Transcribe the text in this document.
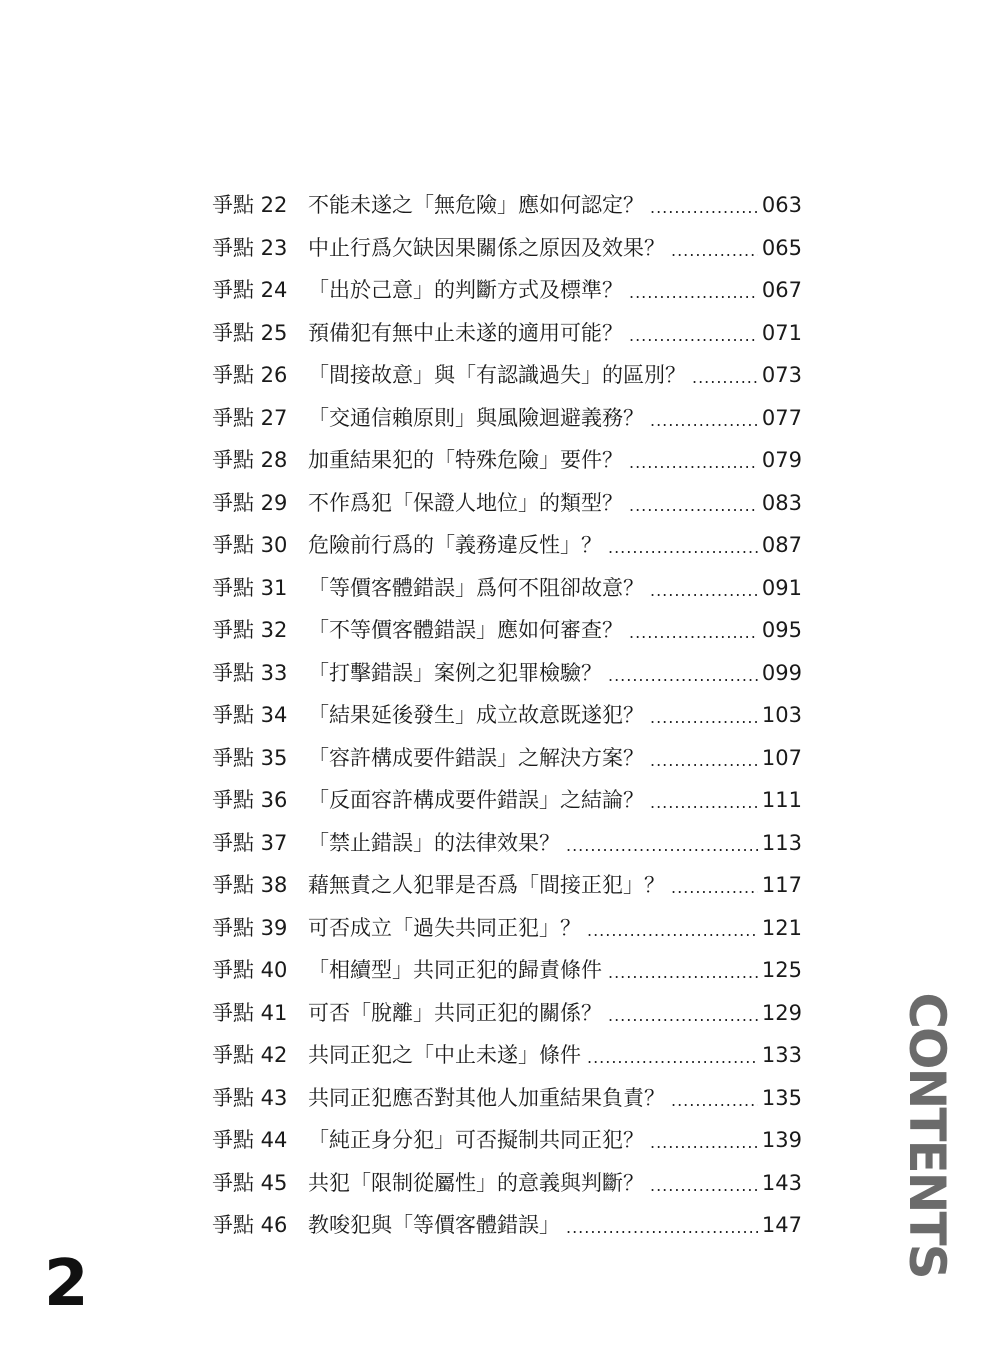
爭點 22 不能未遂之「無危險」應如何認定？ .....	063
爭點 23 中止行爲欠缺因果關係之原因及效果？ .....	065
爭點 24 「出於己意」的判斷方式及標準？ .....	067
爭點 25 預備犯有無中止未遂的適用可能？ .....	071
爭點 26 「間接故意」與「有認識過失」的區別？ .....	073
爭點 27 「交通信賴原則」與風險迴避義務？ .....	077
爭點 28 加重結果犯的「特殊危險」要件？ .....	079
爭點 29 不作爲犯「保證人地位」的類型？ .....	083
爭點 30 危險前行爲的「義務違反性」？ .....	087
爭點 31 「等價客體錯誤」爲何不阻卻故意？ .....	091
爭點 32 「不等價客體錯誤」應如何審查？ .....	095
爭點 33 「打擊錯誤」案例之犯罪檢驗？ .....	099
爭點 34 「結果延後發生」成立故意既遂犯？ .....	103
爭點 35 「容許構成要件錯誤」之解決方案？ .....	107
爭點 36 「反面容許構成要件錯誤」之結論？ .....	111
爭點 37 「禁止錯誤」的法律效果？ .....	113
爭點 38 藉無責之人犯罪是否爲「間接正犯」？ .....	117
爭點 39 可否成立「過失共同正犯」？ .....	121
爭點 40 「相續型」共同正犯的歸責條件 .....	125
爭點 41 可否「脫離」共同正犯的關係？ .....	129
爭點 42 共同正犯之「中止未遂」條件 .....	133
爭點 43 共同正犯應否對其他人加重結果負責？ .....	135
爭點 44 「純正身分犯」可否擬制共同正犯？ .....	139
爭點 45 共犯「限制從屬性」的意義與判斷？ .....	143
爭點 46 教唆犯與「等價客體錯誤」 .....	147 CONTENTS
2
